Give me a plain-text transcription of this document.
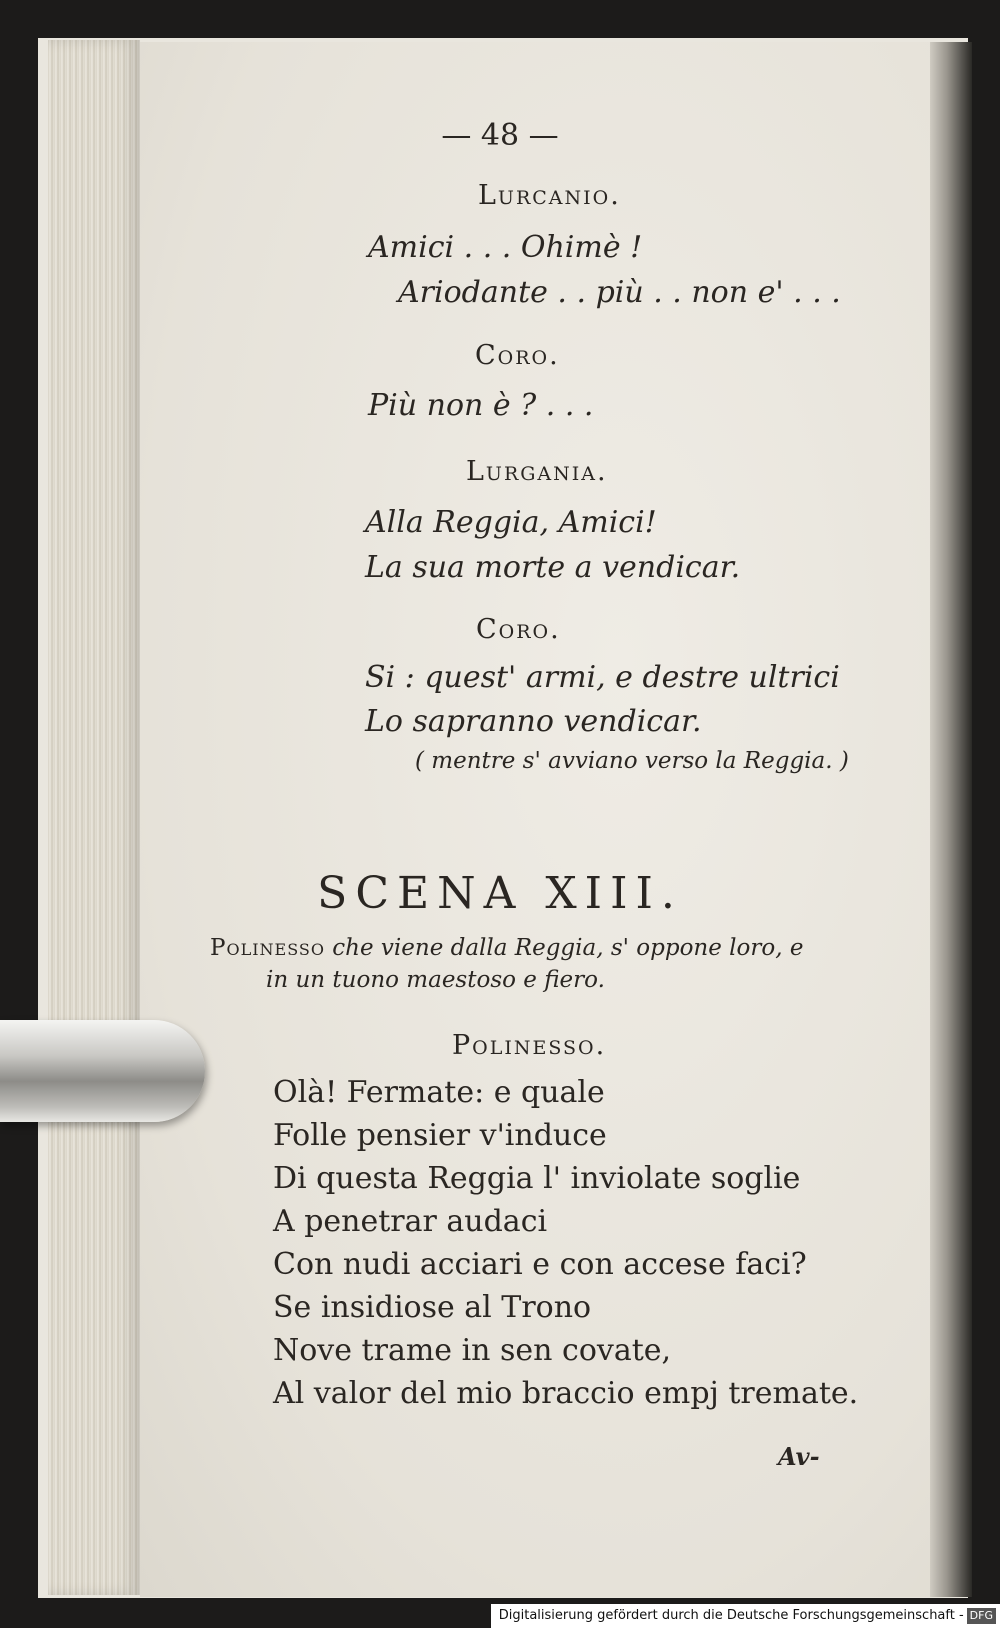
— 48 —
Lurcanio.
Amici . . . Ohimè !
Ariodante . . più . . non e' . . .
Coro.
Più non è ? . . .
Lurgania.
Alla Reggia, Amici!
La sua morte a vendicar.
Coro.
Si : quest' armi, e destre ultrici
Lo sapranno vendicar.
( mentre s' avviano verso la Reggia. )
SCENA XIII.
Polinesso che viene dalla Reggia, s' oppone loro, e
in un tuono maestoso e fiero.
Polinesso.
Olà! Fermate: e quale
Folle pensier v'induce
Di questa Reggia l' inviolate soglie
A penetrar audaci
Con nudi acciari e con accese faci?
Se insidiose al Trono
Nove trame in sen covate,
Al valor del mio braccio empj tremate.
Av-
Digitalisierung gefördert durch die Deutsche Forschungsgemeinschaft - DFG
